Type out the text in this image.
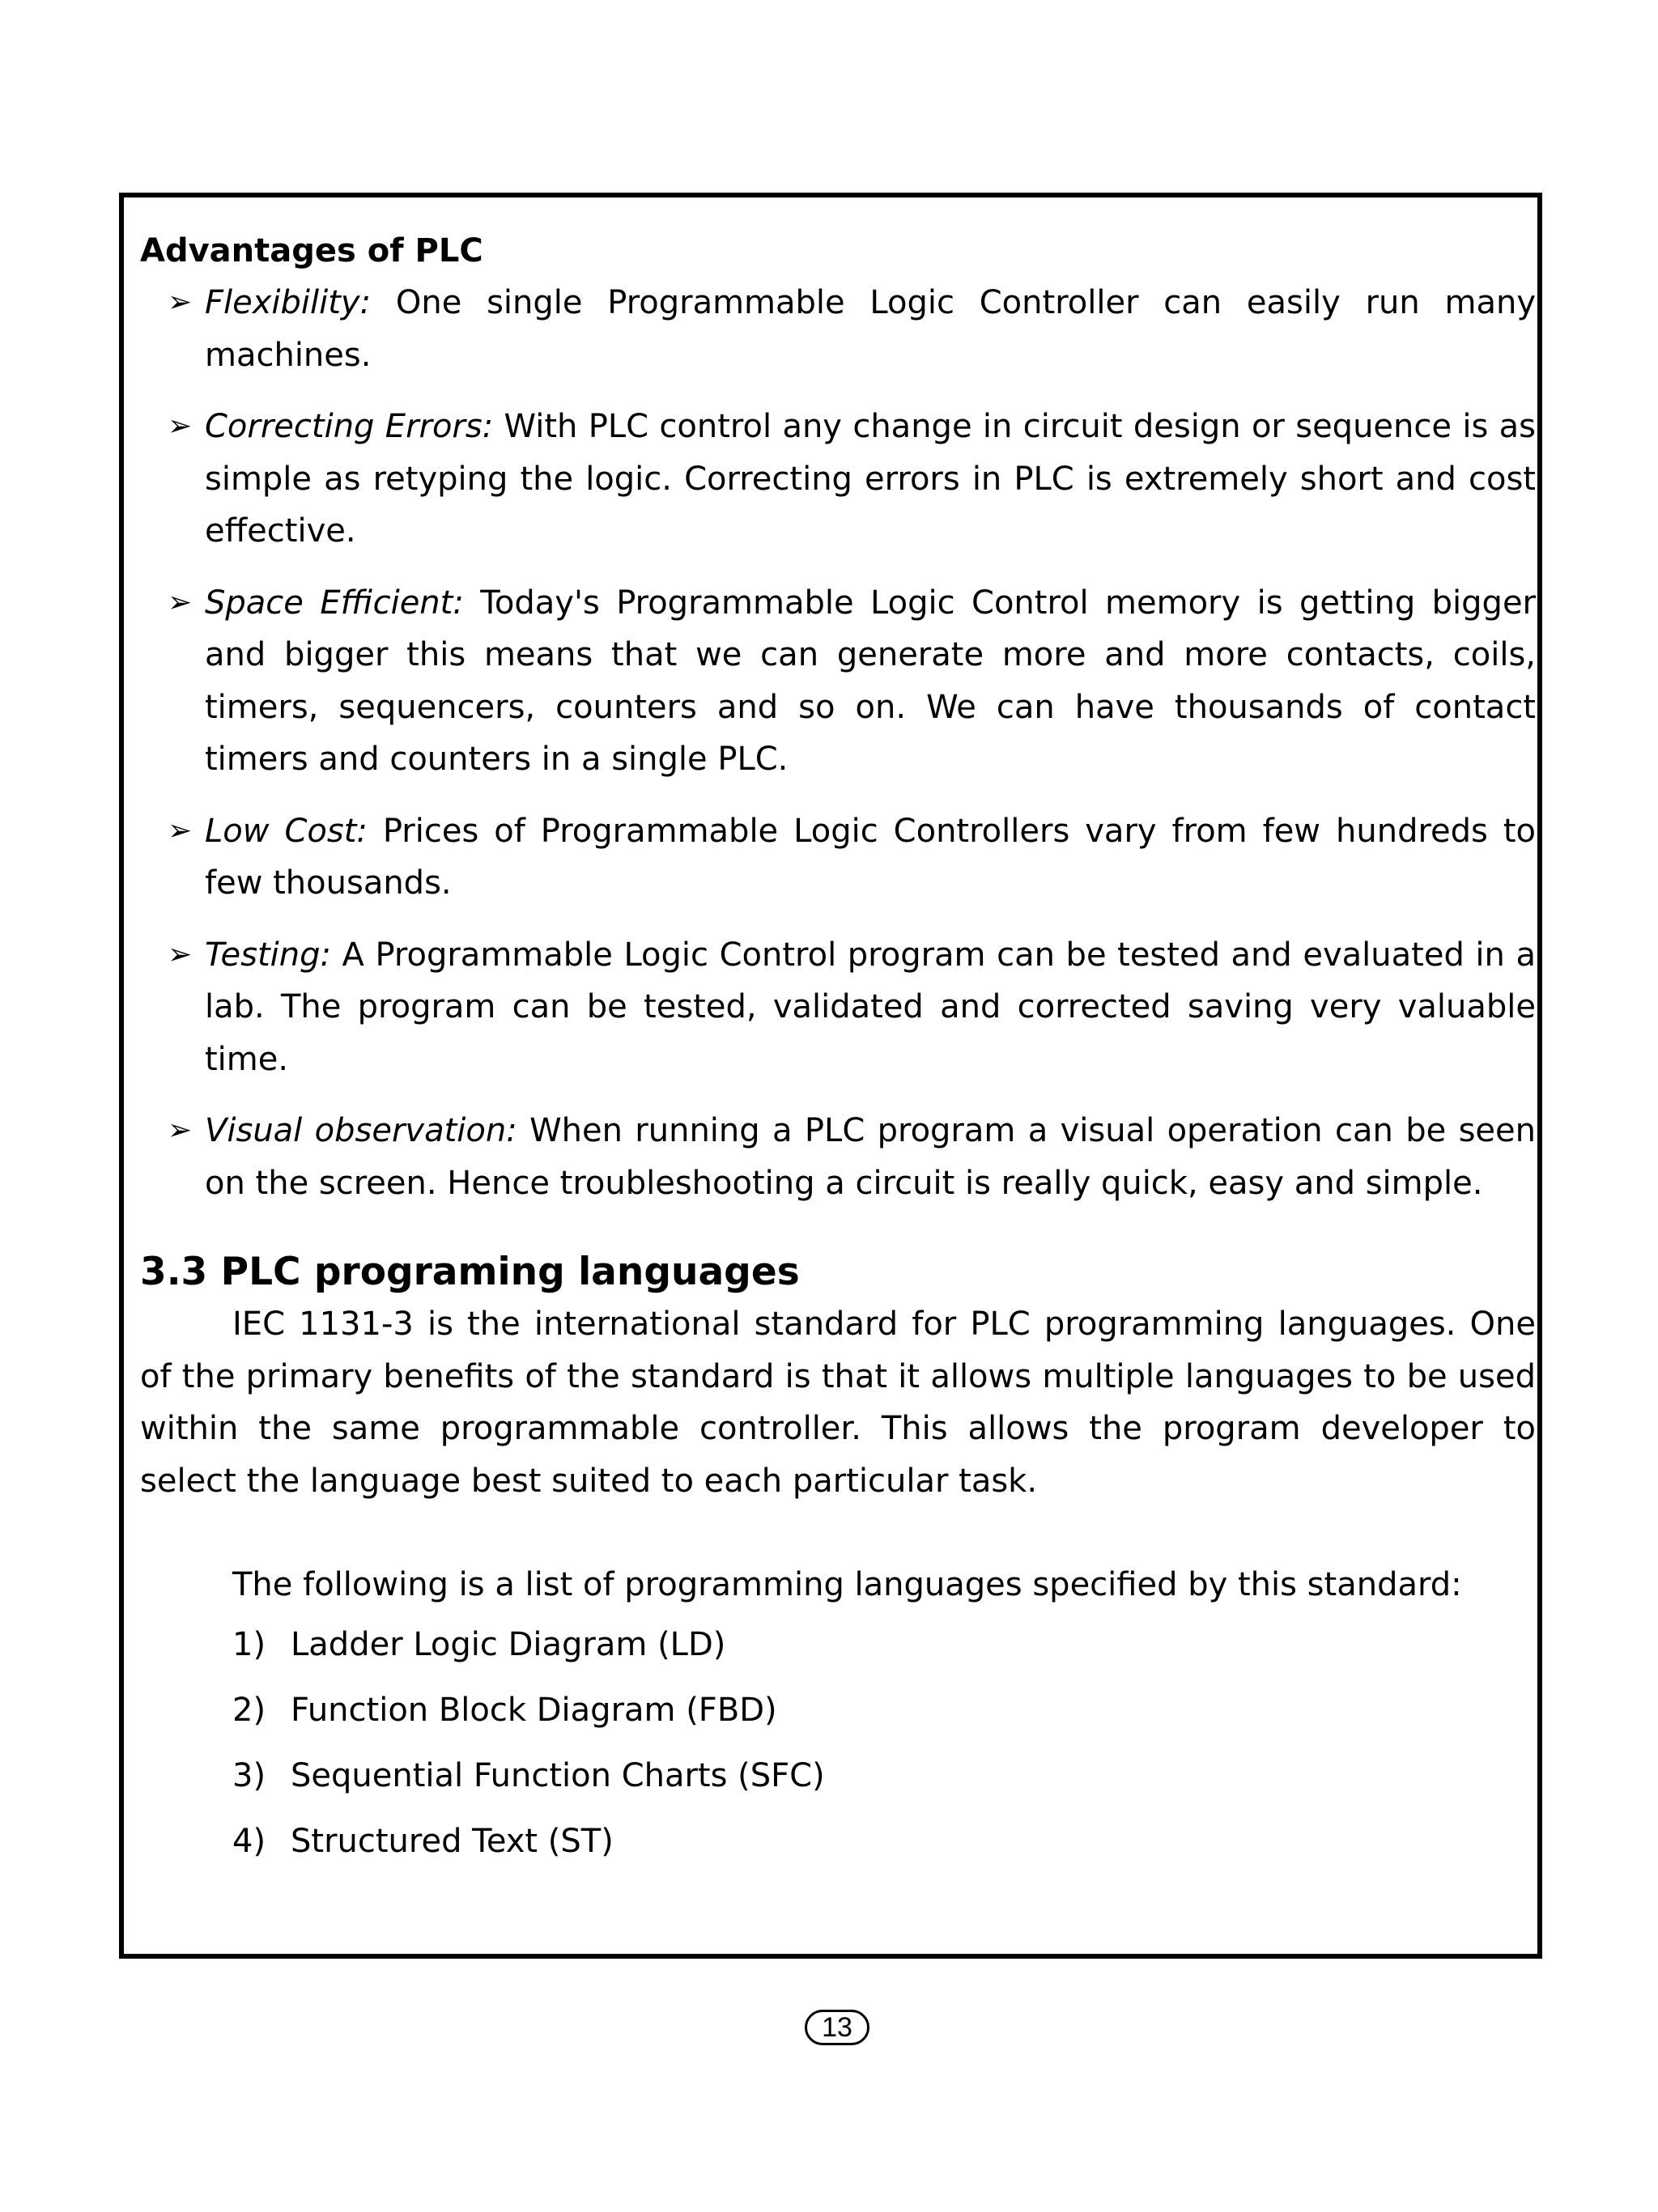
Advantages of PLC
➢ Flexibility: One single Programmable Logic Controller can easily run many machines.
➢ Correcting Errors: With PLC control any change in circuit design or sequence is as simple as retyping the logic. Correcting errors in PLC is extremely short and cost effective.
➢ Space Efficient: Today's Programmable Logic Control memory is getting bigger and bigger this means that we can generate more and more contacts, coils, timers, sequencers, counters and so on. We can have thousands of contact timers and counters in a single PLC.
➢ Low Cost: Prices of Programmable Logic Controllers vary from few hundreds to few thousands.
➢ Testing: A Programmable Logic Control program can be tested and evaluated in a lab. The program can be tested, validated and corrected saving very valuable time.
➢ Visual observation: When running a PLC program a visual operation can be seen on the screen. Hence troubleshooting a circuit is really quick, easy and simple.
3.3 PLC programing languages

IEC 1131-3 is the international standard for PLC programming languages. One of the primary benefits of the standard is that it allows multiple languages to be used within the same programmable controller. This allows the program developer to select the language best suited to each particular task.

The following is a list of programming languages specified by this standard:

1) Ladder Logic Diagram (LD)
2) Function Block Diagram (FBD)
3) Sequential Function Charts (SFC)
4) Structured Text (ST)
13
